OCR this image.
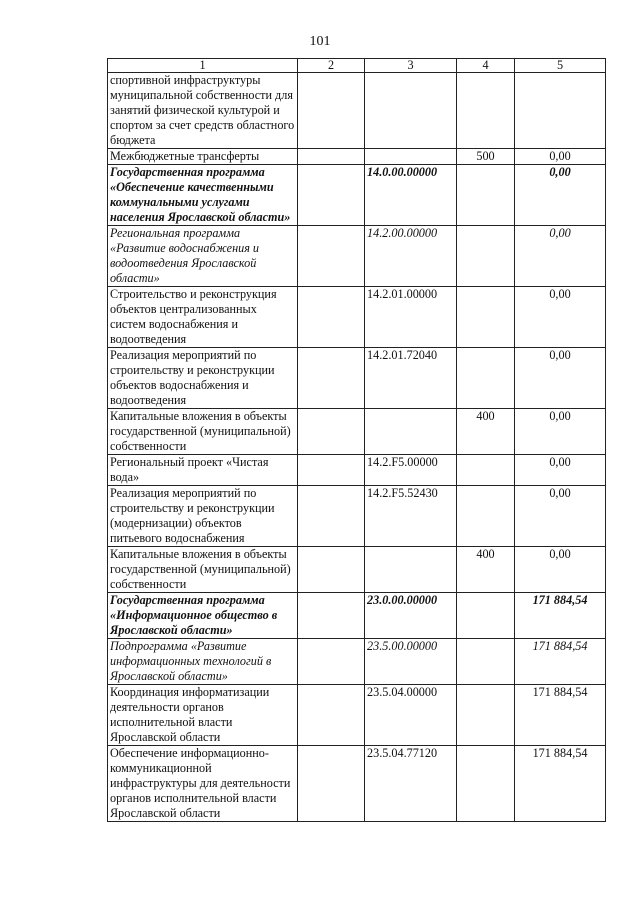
101
1	2	3	4	5
спортивной инфраструктуры муниципальной собственности для занятий физической культурой и спортом за счет средств областного бюджета				
Межбюджетные трансферты			500	0,00
Государственная программа «Обеспечение качественными коммунальными услугами населения Ярославской области»		14.0.00.00000		0,00
Региональная программа «Развитие водоснабжения и водоотведения Ярославской области»		14.2.00.00000		0,00
Строительство и реконструкция объектов централизованных систем водоснабжения и водоотведения		14.2.01.00000		0,00
Реализация мероприятий по строительству и реконструкции объектов водоснабжения и водоотведения		14.2.01.72040		0,00
Капитальные вложения в объекты государственной (муниципальной) собственности			400	0,00
Региональный проект «Чистая вода»		14.2.F5.00000		0,00
Реализация мероприятий по строительству и реконструкции (модернизации) объектов питьевого водоснабжения		14.2.F5.52430		0,00
Капитальные вложения в объекты государственной (муниципальной) собственности			400	0,00
Государственная программа «Информационное общество в Ярославской области»		23.0.00.00000		171 884,54
Подпрограмма «Развитие информационных технологий в Ярославской области»		23.5.00.00000		171 884,54
Координация информатизации деятельности органов исполнительной власти Ярославской области		23.5.04.00000		171 884,54
Обеспечение информационно-коммуникационной инфраструктуры для деятельности органов исполнительной власти Ярославской области		23.5.04.77120		171 884,54
